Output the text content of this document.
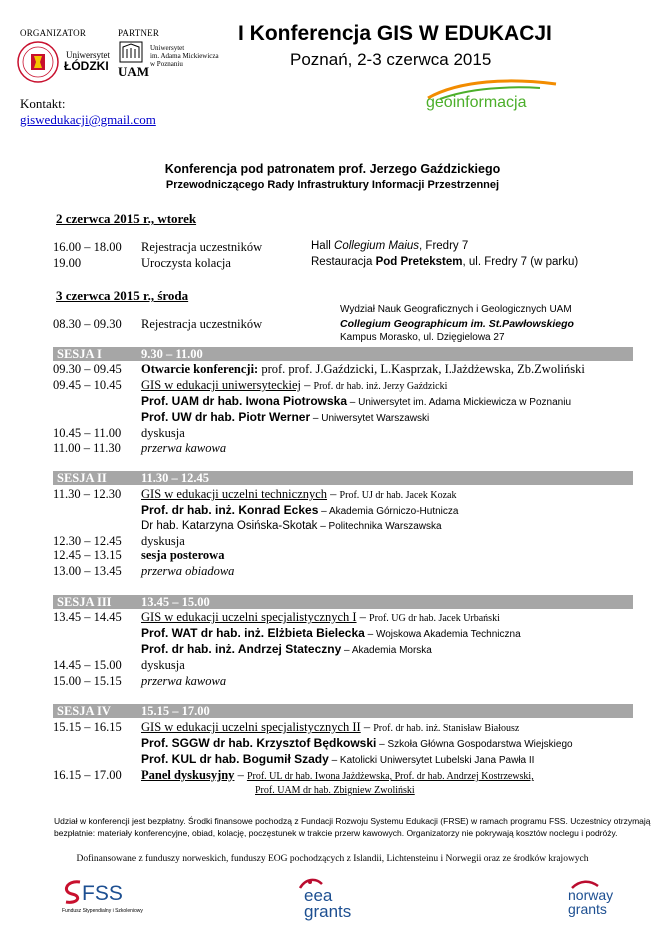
ORGANIZATOR	PARTNER
Uniwersytet
ŁÓDZKI UAM
Uniwersytet
im. Adama Mickiewicza
w Poznaniu
I Konferencja GIS W EDUKACJI
Poznań, 2-3 czerwca 2015
geoinformacja
Kontakt:
giswedukacji@gmail.com
Konferencja pod patronatem prof. Jerzego Gaździckiego
Przewodniczącego Rady Infrastruktury Informacji Przestrzennej
2 czerwca 2015 r., wtorek
16.00 – 18.00 Rejestracja uczestników	Hall Collegium Maius, Fredry 7
19.00	Uroczysta kolacja	Restauracja Pod Pretekstem, ul. Fredry 7 (w parku)
3 czerwca 2015 r., środa
Wydział Nauk Geograficznych i Geologicznych UAM
Collegium Geographicum im. St.Pawłowskiego
Kampus Morasko, ul. Dzięgielowa 27
08.30 – 09.30 Rejestracja uczestników
SESJA I	9.30 – 11.00
09.30 – 09.45 Otwarcie konferencji: prof. prof. J.Gaździcki, L.Kasprzak, I.Jażdżewska, Zb.Zwoliński
09.45 – 10.45 GIS w edukacji uniwersyteckiej – Prof. dr hab. inż. Jerzy Gaździcki
Prof. UAM dr hab. Iwona Piotrowska – Uniwersytet im. Adama Mickiewicza w Poznaniu
Prof. UW dr hab. Piotr Werner – Uniwersytet Warszawski
10.45 – 11.00 dyskusja
11.00 – 11.30 przerwa kawowa
SESJA II	11.30 – 12.45
11.30 – 12.30 GIS w edukacji uczelni technicznych – Prof. UJ dr hab. Jacek Kozak
Prof. dr hab. inż. Konrad Eckes – Akademia Górniczo-Hutnicza
Dr hab. Katarzyna Osińska-Skotak – Politechnika Warszawska
12.30 – 12.45 dyskusja
12.45 – 13.15 sesja posterowa
13.00 – 13.45 przerwa obiadowa
SESJA III 13.45 – 15.00
13.45 – 14.45 GIS w edukacji uczelni specjalistycznych I – Prof. UG dr hab. Jacek Urbański
Prof. WAT dr hab. inż. Elżbieta Bielecka – Wojskowa Akademia Techniczna
Prof. dr hab. inż. Andrzej Stateczny – Akademia Morska
14.45 – 15.00 dyskusja
15.00 – 15.15 przerwa kawowa
SESJA IV 15.15 – 17.00
15.15 – 16.15 GIS w edukacji uczelni specjalistycznych II – Prof. dr hab. inż. Stanisław Białousz
Prof. SGGW dr hab. Krzysztof Będkowski – Szkoła Główna Gospodarstwa Wiejskiego
Prof. KUL dr hab. Bogumił Szady – Katolicki Uniwersytet Lubelski Jana Pawła II
16.15 – 17.00 Panel dyskusyjny – Prof. UL dr hab. Iwona Jażdżewska, Prof. dr hab. Andrzej Kostrzewski,
Prof. UAM dr hab. Zbigniew Zwoliński
Udział w konferencji jest bezpłatny. Środki finansowe pochodzą z Fundacji Rozwoju Systemu Edukacji (FRSE) w ramach programu FSS. Uczestnicy otrzymają
bezpłatnie: materiały konferencyjne, obiad, kolację, poczęstunek w trakcie przerw kawowych. Organizatorzy nie pokrywają kosztów noclegu i podróży.
Dofinansowane z funduszy norweskich, funduszy EOG pochodzących z Islandii, Lichtensteinu i Norwegii oraz ze środków krajowych
FSS
Fundusz Stypendialny i Szkoleniowy
eea
grants
norway
grants
